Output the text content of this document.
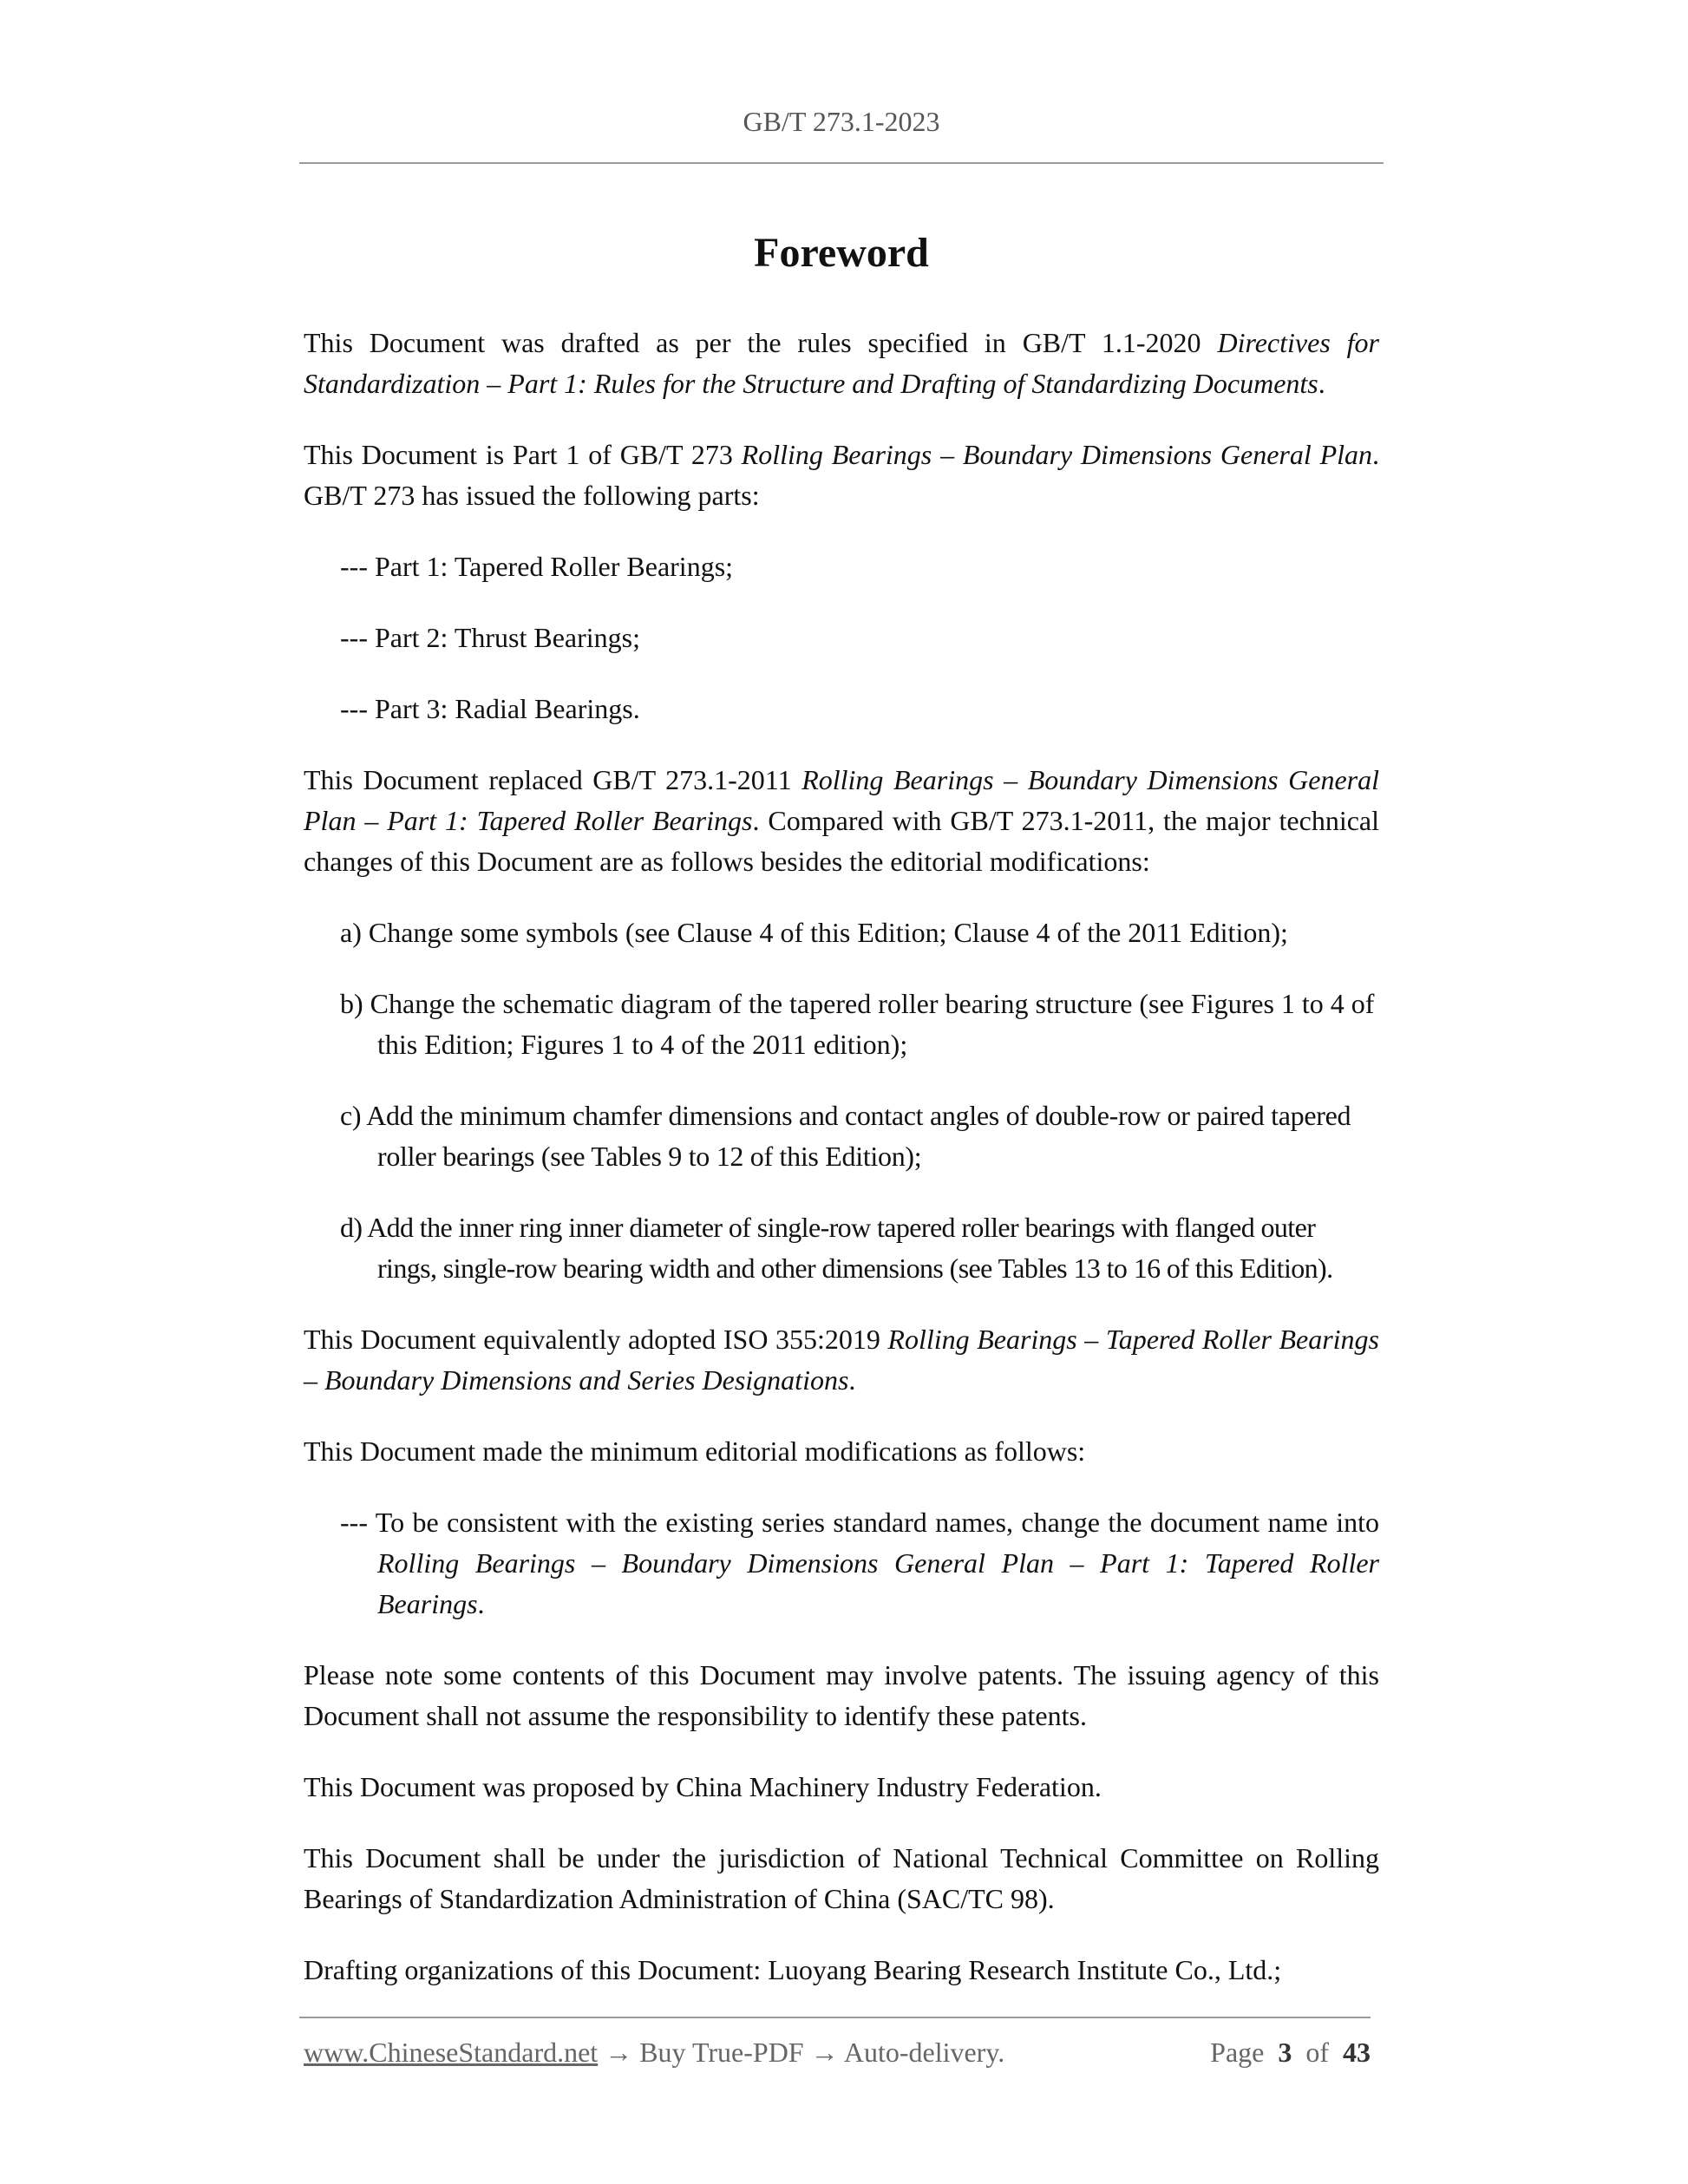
GB/T 273.1-2023
Foreword

This Document was drafted as per the rules specified in GB/T 1.1-2020 Directives for Standardization – Part 1: Rules for the Structure and Drafting of Standardizing Documents.

This Document is Part 1 of GB/T 273 Rolling Bearings – Boundary Dimensions General Plan. GB/T 273 has issued the following parts:

--- Part 1: Tapered Roller Bearings;

--- Part 2: Thrust Bearings;

--- Part 3: Radial Bearings.

This Document replaced GB/T 273.1-2011 Rolling Bearings – Boundary Dimensions General Plan – Part 1: Tapered Roller Bearings. Compared with GB/T 273.1-2011, the major technical changes of this Document are as follows besides the editorial modifications:

a) Change some symbols (see Clause 4 of this Edition; Clause 4 of the 2011 Edition);

b) Change the schematic diagram of the tapered roller bearing structure (see Figures 1 to 4 of this Edition; Figures 1 to 4 of the 2011 edition);

c) Add the minimum chamfer dimensions and contact angles of double-row or paired tapered roller bearings (see Tables 9 to 12 of this Edition);

d) Add the inner ring inner diameter of single-row tapered roller bearings with flanged outer rings, single-row bearing width and other dimensions (see Tables 13 to 16 of this Edition).

This Document equivalently adopted ISO 355:2019 Rolling Bearings – Tapered Roller Bearings – Boundary Dimensions and Series Designations.

This Document made the minimum editorial modifications as follows:

--- To be consistent with the existing series standard names, change the document name into Rolling Bearings – Boundary Dimensions General Plan – Part 1: Tapered Roller Bearings.

Please note some contents of this Document may involve patents. The issuing agency of this Document shall not assume the responsibility to identify these patents.

This Document was proposed by China Machinery Industry Federation.

This Document shall be under the jurisdiction of National Technical Committee on Rolling Bearings of Standardization Administration of China (SAC/TC 98).

Drafting organizations of this Document: Luoyang Bearing Research Institute Co., Ltd.;

www.ChineseStandard.net → Buy True-PDF → Auto-delivery.	Page 3 of 43
